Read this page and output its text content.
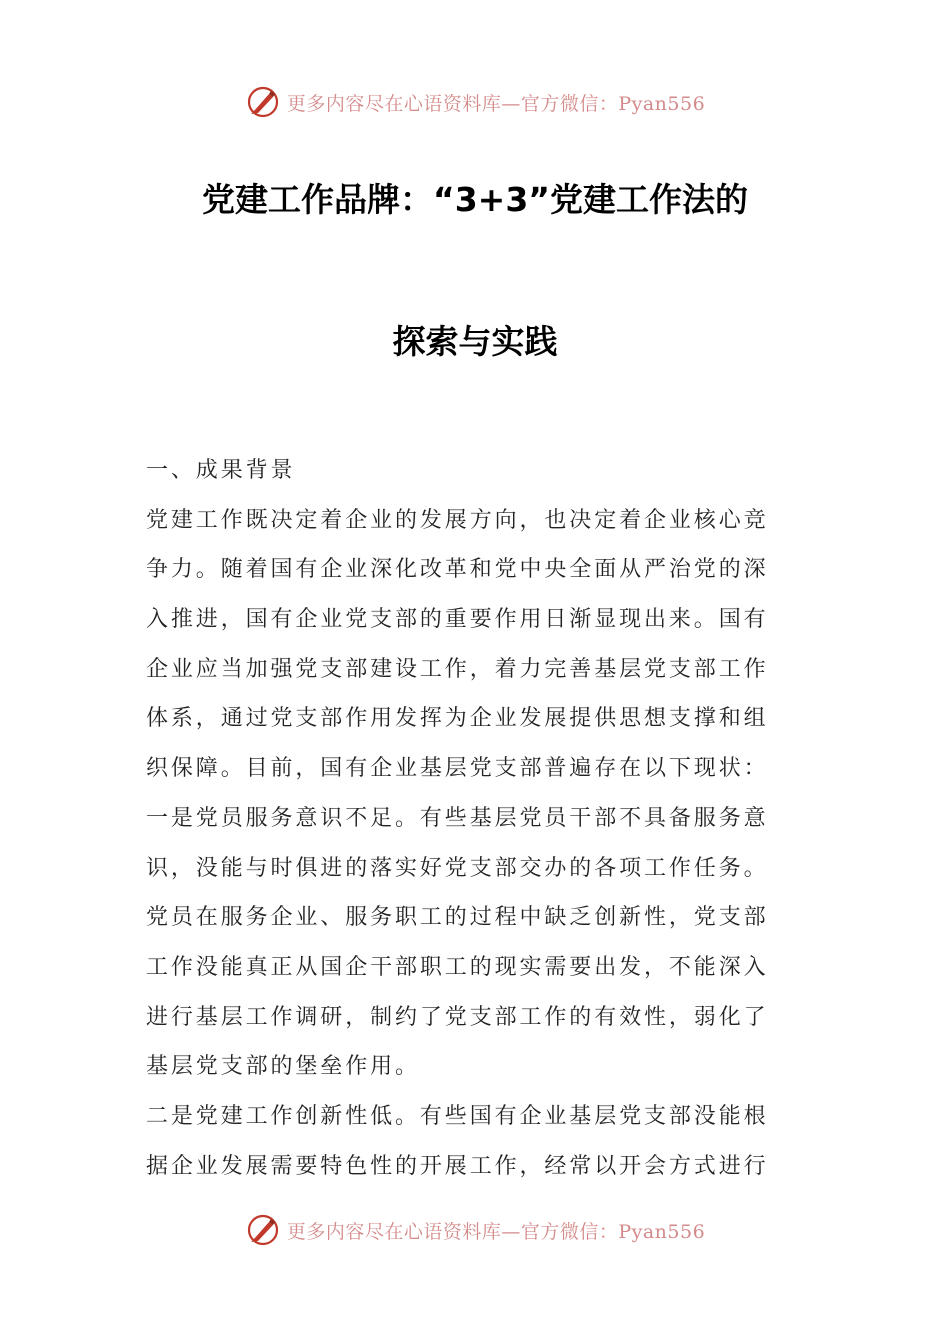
更多内容尽在心语资料库—官方微信：Pyan556
党建工作品牌：“3+3”党建工作法的
探索与实践
一、成果背景
党建工作既决定着企业的发展方向，也决定着企业核心竞
争力。随着国有企业深化改革和党中央全面从严治党的深
入推进，国有企业党支部的重要作用日渐显现出来。国有
企业应当加强党支部建设工作，着力完善基层党支部工作
体系，通过党支部作用发挥为企业发展提供思想支撑和组
织保障。目前，国有企业基层党支部普遍存在以下现状：
一是党员服务意识不足。有些基层党员干部不具备服务意
识，没能与时俱进的落实好党支部交办的各项工作任务。
党员在服务企业、服务职工的过程中缺乏创新性，党支部
工作没能真正从国企干部职工的现实需要出发，不能深入
进行基层工作调研，制约了党支部工作的有效性，弱化了
基层党支部的堡垒作用。
二是党建工作创新性低。有些国有企业基层党支部没能根
据企业发展需要特色性的开展工作，经常以开会方式进行
更多内容尽在心语资料库—官方微信：Pyan556
